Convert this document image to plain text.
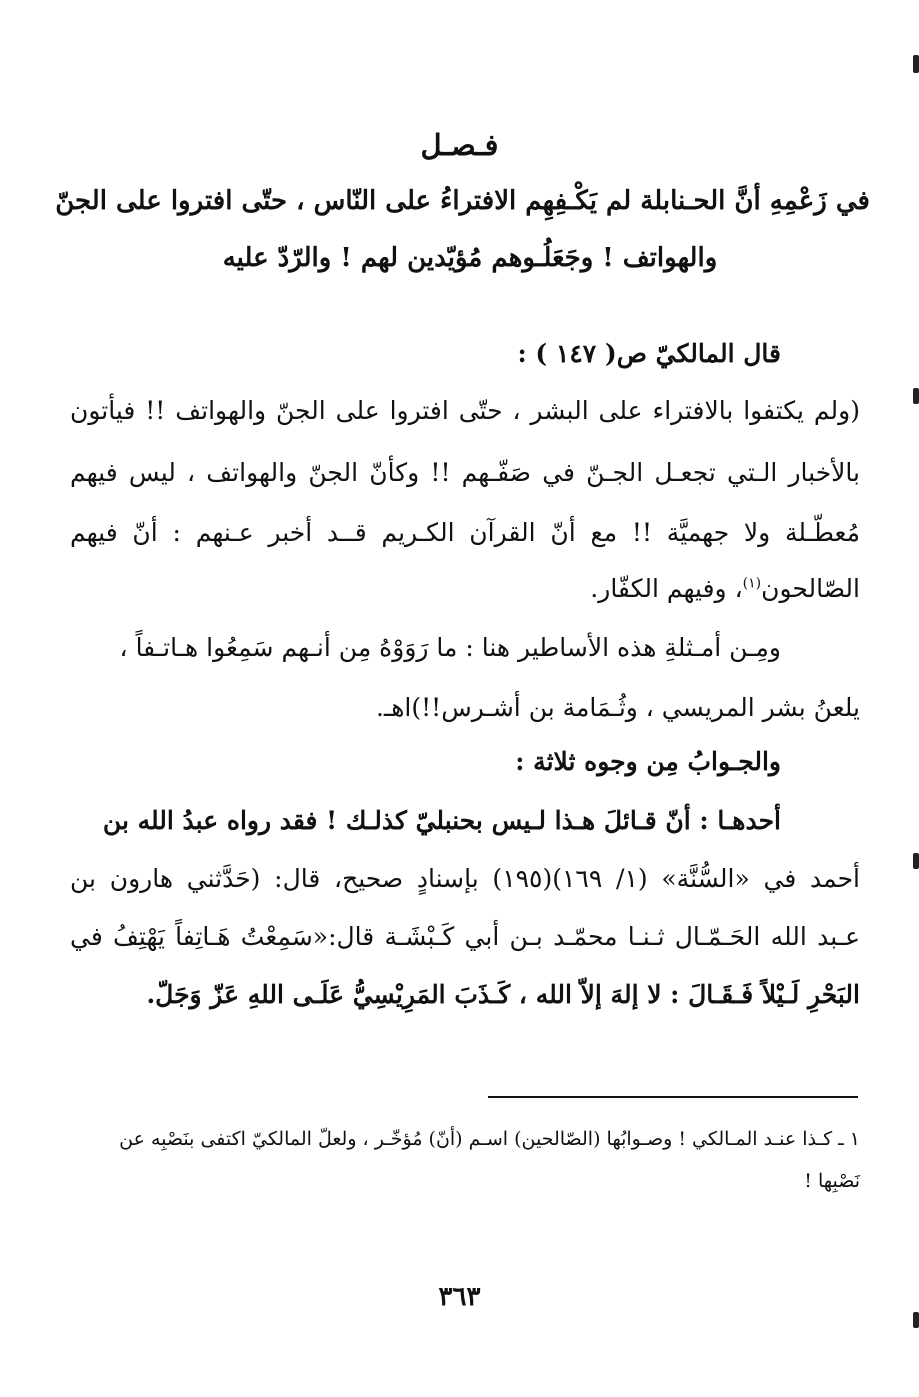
فـصـل
في زَعْمِهِ أنَّ الحـنابلة لم يَكْـفِهِم الافتراءُ على النّاس ، حتّى افتروا على الجنّ
والهواتف ! وجَعَلُـوهم مُؤيّدين لهم ! والرّدّ عليه
قال المالكيّ ص( ١٤٧ ) :
(ولم يكتفوا بالافتراء على البشر ، حتّى افتروا على الجنّ والهواتف !! فيأتون
بالأخبار الـتي تجعـل الجـنّ في صَفّـهم !! وكأنّ الجنّ والهواتف ، ليس فيهم
مُعطّـلة ولا جهميَّة !! مع أنّ القرآن الكـريم قــد أخبر عـنهم : أنّ فيهم
الصّالحون$^{(١)}$، وفيهم الكفّار.
ومِـن أمـثلةِ هذه الأساطير هنا : ما رَوَوْهُ مِن أنـهم سَمِعُوا هـاتـفاً ،
يلعنُ بشر المريسي ، وثُـمَامة بن أشـرس!!)اهـ.
والجـوابُ مِن وجوه ثلاثة :
أحدهـا : أنّ قـائلَ هـذا لـيس بحنبليّ كذلـك ! فقد رواه عبدُ الله بن
أحمد في «السُّنَّة» (١/ ١٦٩)(١٩٥) بإسنادٍ صحيح، قال: (حَدَّثني هارون بن
عـبد الله الحَـمّـال ثـنـا محمّـد بـن أبي كَـبْشَـة قال:«سَمِعْتُ هَـاتِفاً يَهْتِفُ في
البَحْرِ لَـيْلاً فَـقَـالَ : لا إلهَ إلاّ الله ، كَـذَبَ المَرِيْسِيُّ عَلَـى اللهِ عَزّ وَجَلّ.
١ ـ كـذا عنـد المـالكي ! وصـوابُها (الصّالحين) اسـم (أنّ) مُؤخّـر ، ولعلّ المالكيّ اكتفى بنَصْبِه عن
نَصْبِها !
٣٦٣
